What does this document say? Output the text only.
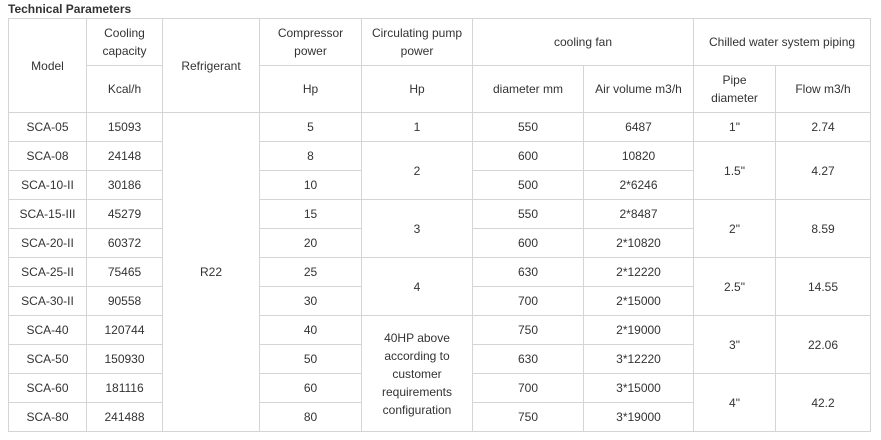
Technical Parameters
Model	Cooling capacity	Refrigerant	Compressor power	Circulating pump power	cooling fan		Chilled water system piping	
	Kcal/h		Hp	Hp	diameter mm	Air volume m3/h	Pipe diameter	Flow m3/h
SCA-05	15093	R22	5	1	550	6487	1"	2.74
SCA-08	24148		8	2	600	10820	1.5"	4.27
SCA-10-II	30186		10		500	2*6246		
SCA-15-III	45279		15	3	550	2*8487	2"	8.59
SCA-20-II	60372		20		600	2*10820		
SCA-25-II	75465		25	4	630	2*12220	2.5"	14.55
SCA-30-II	90558		30		700	2*15000		
SCA-40	120744		40	40HP above according to customer requirements configuration	750	2*19000	3"	22.06
SCA-50	150930		50		630	3*12220		
SCA-60	181116		60		700	3*15000	4"	42.2
SCA-80	241488		80		750	3*19000		
